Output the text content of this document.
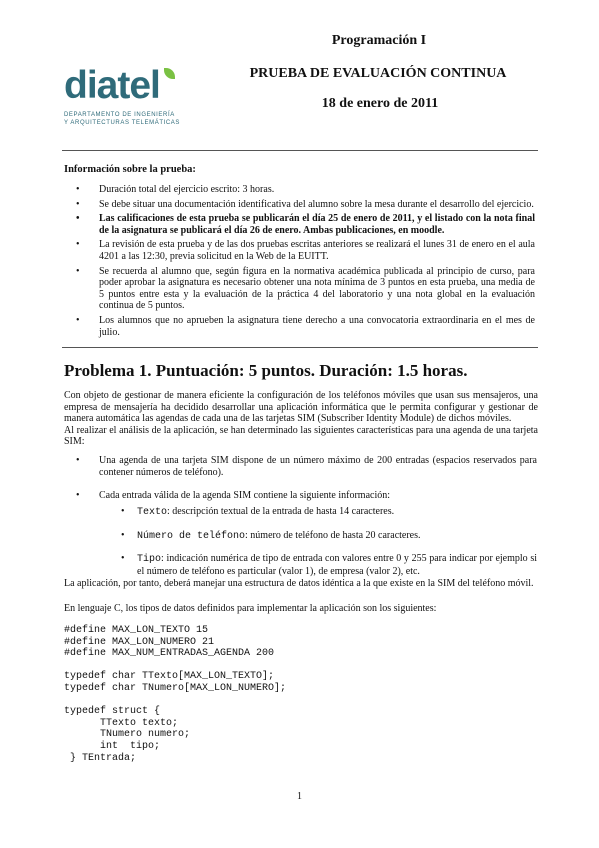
diatel
DEPARTAMENTO DE INGENIERÍA
Y ARQUITECTURAS TELEMÁTICAS
Programación I
PRUEBA DE EVALUACIÓN CONTINUA
18 de enero de 2011
Información sobre la prueba:
• Duración total del ejercicio escrito: 3 horas.
• Se debe situar una documentación identificativa del alumno sobre la mesa durante el desarrollo del ejercicio.
• Las calificaciones de esta prueba se publicarán el día 25 de enero de 2011, y el listado con la nota final de la asignatura se publicará el día 26 de enero. Ambas publicaciones, en moodle.
• La revisión de esta prueba y de las dos pruebas escritas anteriores se realizará el lunes 31 de enero en el aula 4201 a las 12:30, previa solicitud en la Web de la EUITT.
• Se recuerda al alumno que, según figura en la normativa académica publicada al principio de curso, para poder aprobar la asignatura es necesario obtener una nota mínima de 3 puntos en esta prueba, una media de 5 puntos entre esta y la evaluación de la práctica 4 del laboratorio y una nota global en la evaluación continua de 5 puntos.
• Los alumnos que no aprueben la asignatura tiene derecho a una convocatoria extraordinaria en el mes de julio.
Problema 1. Puntuación: 5 puntos. Duración: 1.5 horas.
Con objeto de gestionar de manera eficiente la configuración de los teléfonos móviles que usan sus mensajeros, una empresa de mensajería ha decidido desarrollar una aplicación informática que le permita configurar y gestionar de manera automática las agendas de cada una de las tarjetas SIM (Subscriber Identity Module) de dichos móviles.
Al realizar el análisis de la aplicación, se han determinado las siguientes características para una agenda de una tarjeta SIM:
• Una agenda de una tarjeta SIM dispone de un número máximo de 200 entradas (espacios reservados para contener números de teléfono).
• Cada entrada válida de la agenda SIM contiene la siguiente información:
• Texto: descripción textual de la entrada de hasta 14 caracteres.
• Número de teléfono: número de teléfono de hasta 20 caracteres.
• Tipo: indicación numérica de tipo de entrada con valores entre 0 y 255 para indicar por ejemplo si el número de teléfono es particular (valor 1), de empresa (valor 2), etc.
La aplicación, por tanto, deberá manejar una estructura de datos idéntica a la que existe en la SIM del teléfono móvil.
En lenguaje C, los tipos de datos definidos para implementar la aplicación son los siguientes:
#define MAX_LON_TEXTO 15
#define MAX_LON_NUMERO 21
#define MAX_NUM_ENTRADAS_AGENDA 200

typedef char TTexto[MAX_LON_TEXTO];
typedef char TNumero[MAX_LON_NUMERO];

typedef struct {
TTexto texto;
TNumero numero;
int  tipo;
} TEntrada;
1
